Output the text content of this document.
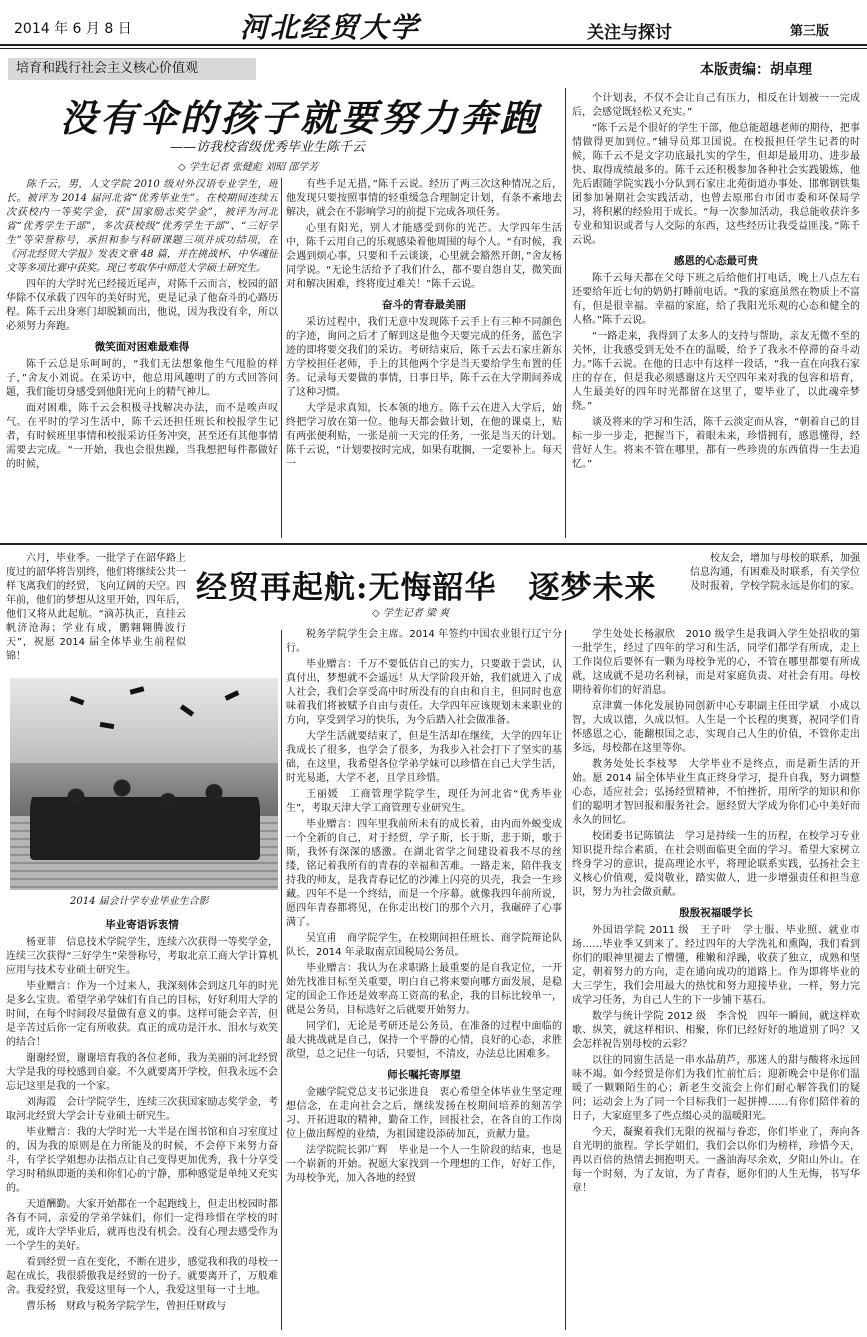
2014 年 6 月 8 日	河北经贸大学	关注与探讨	第三版
培育和践行社会主义核心价值观	本版责编：胡卓理
没有伞的孩子就要努力奔跑
——访我校省级优秀毕业生陈千云
◇ 学生记者 张健彪 刘昭 邵学芳

陈千云，男，人文学院 2010 级对外汉语专业学生，班长。被评为 2014 届河北省“优秀毕业生”。在校期间连续五次获校内一等奖学金，获“国家励志奖学金”，被评为河北省“优秀学生干部”，多次获校级“优秀学生干部”、“三好学生”等荣誉称号，承担和参与科研课题三项并成功结项，在《河北经贸大学报》发表文章 48 篇，并在挑战杯、中华魂征文等多项比赛中获奖。现已考取华中师范大学硕士研究生。

四年的大学时光已经接近尾声，对陈千云而言，校园的韶华除不仅承载了四年的美好时光，更是记录了他奋斗的心路历程。陈千云出身寒门却脱颖而出，他说，因为我没有伞，所以必须努力奔跑。

微笑面对困难最难得

陈千云总是乐呵呵的，“我们无法想象他生气甩脸的样子，”舍友小刘说。在采访中，他总用风趣明了的方式回答问题，我们能切身感受到他阳光向上的精气神儿。

面对困难，陈千云会积极寻找解决办法，而不是唉声叹气。在平时的学习生活中，陈千云还担任班长和校报学生记者，有时候班里事情和校报采访任务冲突，甚至还有其他事情需要去完成。“一开始，我也会很焦躁，当我想把每件都做好的时候，

有些手足无措，”陈千云说。经历了两三次这种情况之后，他发现只要按照事情的轻重缓急合理制定计划，有条不紊地去解决，就会在不影响学习的前提下完成各项任务。

心里有阳光，别人才能感受到你的光芒。大学四年生活中，陈千云用自己的乐观感染着他周围的每个人。“有时候，我会遇到烦心事，只要和千云谈谈，心里就会豁然开朗，”舍友杨同学说。“无论生活给予了我们什么，都不要自怨自艾，微笑面对和解决困难，终将度过难关！”陈千云说。

奋斗的青春最美丽

采访过程中，我们无意中发现陈千云手上有三种不同颜色的字迹，询问之后才了解到这是他今天要完成的任务，蓝色字迹的即将要交我们的采访。考研结束后，陈千云去石家庄新东方学校担任老师，手上的其他两个字是当天要给学生布置的任务。记录每天要做的事情，日事日毕，陈千云在大学期间养成了这种习惯。

大学是求真知，长本领的地方。陈千云在进入大学后，始终把学习放在第一位。他每天都会做计划，在他的课桌上，贴有两张便利贴，一张是前一天完的任务，一张是当天的计划。陈千云说，“计划要按时完成，如果有耽搁，一定要补上。每天一

个计划表，不仅不会让自己有压力，相反在计划被一一完成后，会感觉既轻松又充实。”

“陈千云是个很好的学生干部，他总能超越老师的期待，把事情做得更加到位。”辅导员郑卫国说。在校报担任学生记者的时候，陈千云不是文字功底最扎实的学生，但却是最用功、进步最快、取得成绩最多的。陈千云还积极参加各种社会实践锻炼，他先后跟随学院实践小分队到石家庄北苑街道办事处、邯郸钢铁集团参加暑期社会实践活动，也曾去原邢台市团市委和环保局学习，将积累的经验用于成长。“每一次参加活动，我总能收获许多专业和知识或者与人交际的东西，这些经历让我受益匪浅。”陈千云说。

感恩的心态最可贵

陈千云每天都在父母下班之后给他们打电话，晚上八点左右还要给年近七旬的奶奶打睡前电话。“我的家庭虽然在物质上不富有，但是很幸福。幸福的家庭，给了我阳光乐观的心态和健全的人格。”陈千云说。

“一路走来，我得到了太多人的支持与帮助，亲友无微不至的关怀，让我感受到无处不在的温暖，给予了我永不停滞的奋斗动力。”陈千云说。在他的日志中有这样一段话，“我一直在向我石家庄的存在，但是我必须感谢这片天空四年来对我的包容和培育，人生最美好的四年时光都留在这里了，要毕业了，以此魂牵梦绕。”

谈及将来的学习和生活，陈千云淡定而从容，“朝着自己的目标一步一步走，把握当下，着眼未来，珍惜拥有，感恩懂得，经营好人生。将来不管在哪里，都有一些珍贵的东西值得一生去追忆。”

六月，毕业季。一批学子在韶华路上度过的韶华将告别终，他们将继续公共一样飞离我们的经贸，飞向辽阔的天空。四年前，他们的梦想从这里开始，四年后，他们又将从此起航。“滴苏执正，直挂云帆济沧海；学业有成，鹏翱翱腾波行天”，祝愿 2014 届全体毕业生前程似锦！

经贸再起航:无悔韶华　逐梦未来
◇ 学生记者 梁 爽

校友会，增加与母校的联系，加强信息沟通，有困难及时联系，有关学位及时报着，学校学院永远是你们的家。

2014 届会计学专业毕业生合影
毕业寄语诉衷情

杨亚菲　信息技术学院学生，连续六次获得一等奖学金，连续三次获得“三好学生”荣誉称号，考取北京工商大学计算机应用与技术专业硕士研究生。

毕业赠言：作为一个过来人，我深刻体会到这几年的时光是多么宝贵。希望学弟学妹们有自己的目标，好好利用大学的时间，在每个时间段尽量做有意义的事。这样可能会辛苦，但是辛苦过后你一定有所收获。真正的成功是汗水、泪水与欢笑的结合！

谢谢经贸，谢谢培育我的各位老师，我为美丽的河北经贸大学是我的母校感到自豪。不久就要离开学校，但我永远不会忘记这里是我的一个家。

刘海霞　会计学院学生，连续三次获国家励志奖学金，考取河北经贸大学会计专业硕士研究生。

毕业赠言：我的大学时光一大半是在图书馆和自习室度过的，因为我的原则是在力所能及的时候，不会停下来努力奋斗，有学长学姐想办法指点让自己变得更加优秀，我十分享受学习时稍纵即逝的美和你们心的宁静，那种感觉是单纯又充实的。

天道酬勤。大家开始都在一个起跑线上，但走出校园时都各有不同，亲爱的学弟学妹们，你们一定得珍惜在学校的时光，或许大学毕业后，就再也没有机会。没有心理去感受作为一个学生的美好。

看到经贸一直在变化，不断在进步，感觉我和我的母校一起在成长，我很骄傲我是经贸的一份子。就要离开了，万般难舍。我爱经贸，我爱这里每一个人，我爱这里每一寸土地。

曹乐杨　财政与税务学院学生，曾担任财政与

税务学院学生会主席。2014 年签约中国农业银行辽宁分行。

毕业赠言：千万不要低估自己的实力，只要敢于尝试，认真付出，梦想就不会遥远！从大学阶段开始，我们就进入了成人社会，我们会享受高中时所没有的自由和自主，但同时也意味着我们将被赋予自由与责任。大学四年应该规划未来职业的方向，享受到学习的快乐，为今后踏入社会做准备。

大学生活就要结束了，但是生活却在继续，大学的四年让我成长了很多，也学会了很多，为我步入社会打下了坚实的基础，在这里，我希望各位学弟学妹可以珍惜在自己大学生活，时光易逝，大学不老，且学且珍惜。

王丽媛　工商管理学院学生，现任为河北省“优秀毕业生”，考取天津大学工商管理专业研究生。

毕业赠言：四年里我前所未有的成长着，由内而外蜕变成一个全新的自己，对于经贸，学子斯，长于斯，悲于斯，歌于斯，我怀有深深的感激。在湖北省学之间建设着我不尽的丝缕，铭记着我所有的青春的幸福和苦难。一路走来，陪伴我支持我的师友，是我青春记忆的沙滩上闪亮的贝壳，我会一生珍藏。四年不是一个终结，而是一个序幕。就像我四年前所说，愿四年青春都将见，在你走出校门的那个六月，我碾碎了心事满了。

吴宜甫　商学院学生，在校期间担任班长、商学院辩论队队长，2014 年录取南京国税局公务员。

毕业赠言：我认为在求职路上最重要的是自我定位，一开始先找准目标至关重要，明白自己将来要向哪方面发展，是稳定的国企工作还是效率高工资高的私企，我的目标比较单一，就是公务员，目标选好之后就要开始努力。

同学们，无论是考研还是公务员，在准备的过程中面临的最大挑战就是自己，保持一个平静的心情，良好的心态，求胜欲望，总之记住一句话，只要恒，不清皮，办法总比困难多。

师长嘱托寄厚望

金融学院党总支书记张进良　衷心希望全体毕业生坚定理想信念，在走向社会之后，继续发扬在校期间培养的刻苦学习、开拓进取的精神，勤奋工作，回报社会，在各自的工作岗位上做出辉煌的业绩，为祖国建设添砖加瓦，贡献力量。

法学院院长郭广辉　毕业是一个人一生阶段的结束，也是一个崭新的开始。祝愿大家找到一个理想的工作，好好工作，为母校争光，加入各地的经贸

学生处处长杨淑欣　2010 级学生是我调入学生处招收的第一批学生，经过了四年的学习和生活，同学们都学有所成，走上工作岗位后要怀有一颗为母校争光的心，不管在哪里都要有所成就，这成就不是功名利禄，而是对家庭负责、对社会有用。母校期待着你们的好消息。

京津冀一体化发展协同创新中心专职副主任田学斌　小成以智，大成以德，久成以恒。人生是一个长程的奥赛，祝同学们肯怀感恩之心，能翻根国之志，实现自己人生的价值，不管你走出多远，母校都在这里等你。

教务处处长李枝琴　大学毕业不是终点，而是新生活的开始。愿 2014 届全体毕业生真正终身学习，提升自我，努力调整心态，适应社会；弘扬经贸精神，不怕挫折，用所学的知识和你们的聪明才智回报和服务社会。愿经贸大学成为你们心中美好而永久的回忆。

校团委书记陈镇法　学习是持续一生的历程，在校学习专业知识提升综合素质，在社会则面临更全面的学习。希望大家树立终身学习的意识，提高理论水平，将理论联系实践，弘扬社会主义核心价值观，爱岗敬业，踏实做人，进一步增强责任和担当意识，努力为社会做贡献。

殷殷祝福暖学长

外国语学院 2011 级　王子叶　学士服、毕业照、就业市场……毕业季又到来了。经过四年的大学洗礼和熏陶，我们看到你们的眼神里褪去了懵懂，稚嫩和浮躁，收获了独立，成熟和坚定，朝着努力的方向，走在通向成功的道路上。作为即将毕业的大三学生，我们会用最大的热忱和努力迎接毕业，一样，努力完成学习任务，为自己人生的下一步铺下基石。

数学与统计学院 2012 级　李含悦　四年一瞬间，就这样欢歌、纵笑，就这样相识、相聚，你们已经好好的地道别了吗？又会怎样祝告别母校的云彩？

以往的同窗生活是一串水晶葫芦，那迷人的甜与酸将永远回味不竭。如今经贸是你们为我们忙前忙后；迎新晚会中是你们温暖了一颗颗陌生的心；新老生交流会上你们耐心解答我们的疑问；运动会上为了同一个目标我们一起拼搏……有你们陪伴着的日子，大家庭里多了些点缀心灵的温暖阳光。

今天，凝聚着我们无限的祝福与眷恋，你们毕业了，奔向各自光明的旅程。学长学姐们，我们会以你们为榜样，珍惜今天，再以百倍的热情去拥抱明天。一盏油海尽余欢，夕阳山外山。在每一个时刻，为了友谊，为了青春，愿你们的人生无悔，书写华章！
